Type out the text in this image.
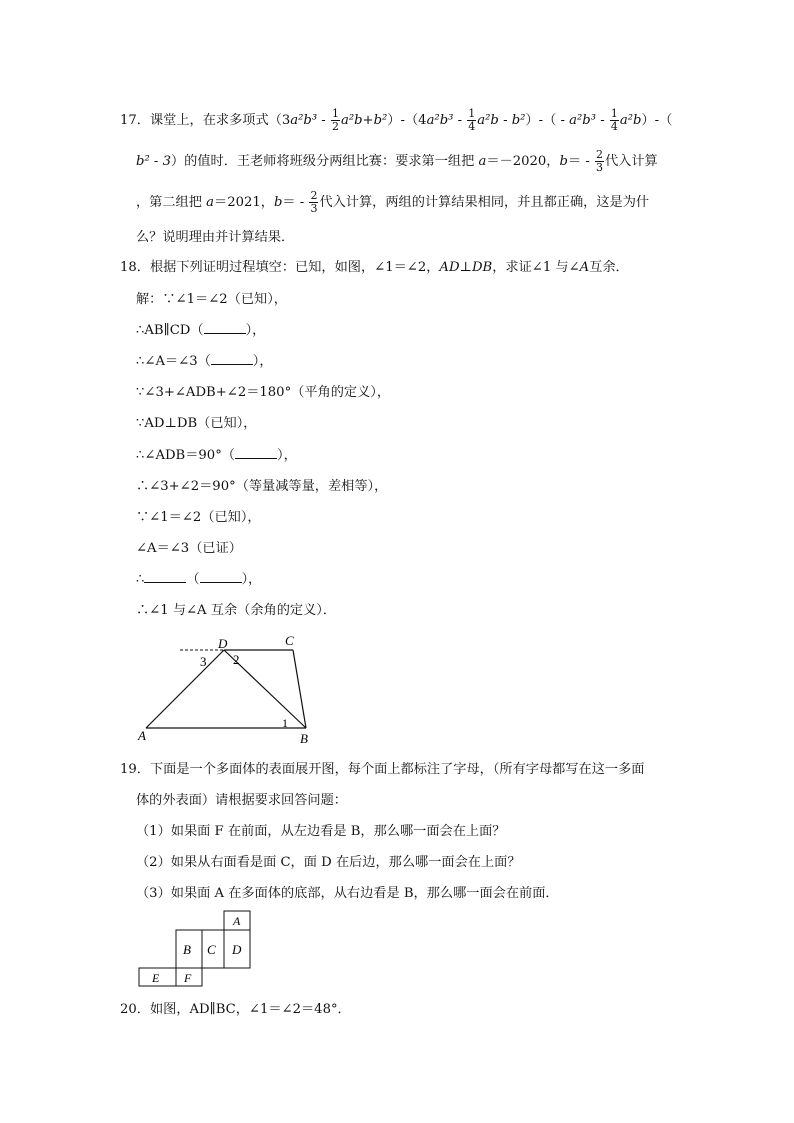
17．课堂上，在求多项式$(3a^2b^3 - \frac{1}{2} a^2b+b^2)-(4a^2b^3 - \frac{1}{4} a^2b - b^2)-( - a^2b^3 - \frac{1}{4} a^2b)-$（
b² - 3）的值时．王老师将班级分两组比赛：要求第一组把 a＝－2020，$b= - \frac{2}{3}$ 代入计算
，第二组把 a＝2021，$b= - \frac{2}{3}$ 代入计算，两组的计算结果相同，并且都正确，这是为什
么？说明理由并计算结果．
18．根据下列证明过程填空：已知，如图，∠1＝∠2，AD⊥DB，求证∠1 与∠A互余．
解：∵∠1＝∠2（已知），
∴AB∥CD（	），
∴∠A＝∠3（	），
∵∠3+∠ADB+∠2＝180°（平角的定义），
∵AD⊥DB（已知），
∴∠ADB＝90°（	），
∴∠3+∠2＝90°（等量减等量，差相等），
∵∠1＝∠2（已知），
∠A＝∠3（已证）
∴	（	），
∴∠1 与∠A 互余（余角的定义）．
D	C
A	B
3 2
1
19．下面是一个多面体的表面展开图，每个面上都标注了字母，（所有字母都写在这一多面
体的外表面）请根据要求回答问题：
（1）如果面 F 在前面，从左边看是 B，那么哪一面会在上面？
（2）如果从右面看是面 C，面 D 在后边，那么哪一面会在上面？
（3）如果面 A 在多面体的底部，从右边看是 B，那么哪一面会在前面．
A
B C D
E F
20．如图，AD∥BC，∠1＝∠2＝48°．
